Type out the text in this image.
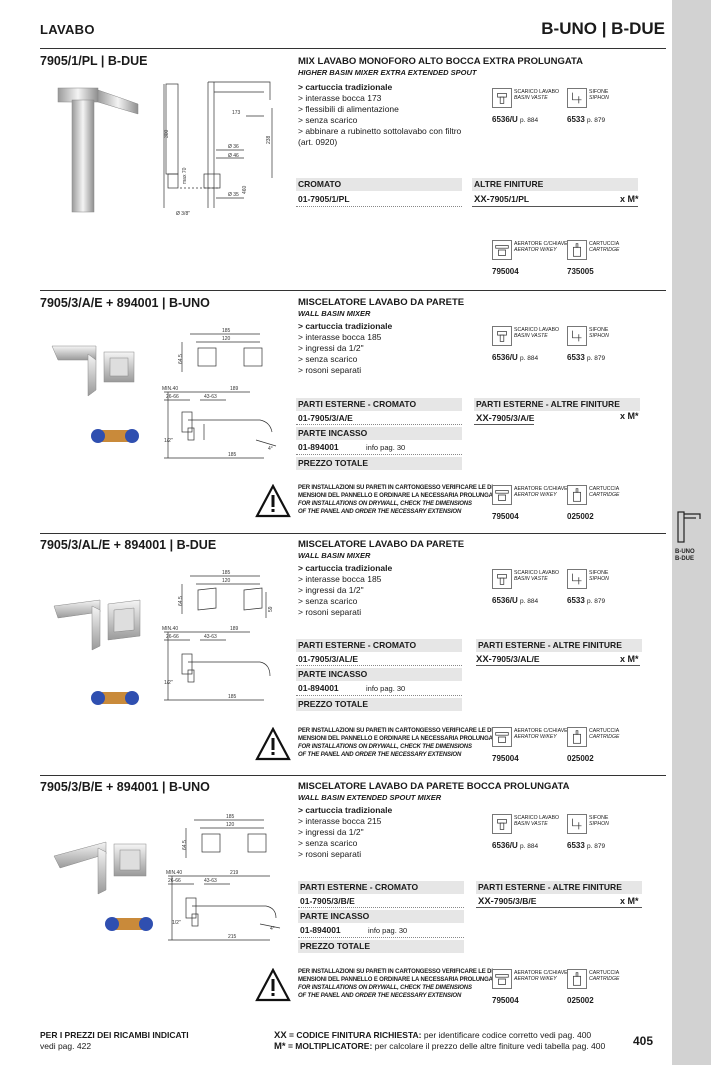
B-UNO
B-DUE
LAVABO	B-UNO | B-DUE
7905/1/PL | B-DUE
173
300
238
Ø 36
Ø 46
460
Ø 35
max 70
Ø 3/8"
MIX LAVABO MONOFORO ALTO BOCCA EXTRA PROLUNGATA
HIGHER BASIN MIXER EXTRA EXTENDED SPOUT
> cartuccia tradizionale
> interasse bocca 173
> flessibili di alimentazione
> senza scarico
> abbinare a rubinetto sottolavabo con filtro
(art. 0920)
SCARICO LAVABO
BASIN VASTE
6536/U p. 884
SIFONE
SIPHON
6533 p. 879
CROMATO	ALTRE FINITURE
01-7905/1/PL	XX-7905/1/PL	x M*
AERATORE C/CHIAVE
AERATOR W/KEY
795004
CARTUCCIA
CARTRIDGE
735005
7905/3/A/E + 894001 | B-UNO
185
120
64.5
MIN.40
26-66	43-63
189
1/2"
185
4°
MISCELATORE LAVABO DA PARETE
WALL BASIN MIXER
> cartuccia tradizionale
> interasse bocca 185
> ingressi da 1/2"
> senza scarico
> rosoni separati
SCARICO LAVABO
BASIN VASTE
6536/U p. 884
SIFONE
SIPHON
6533 p. 879
PARTI ESTERNE - CROMATO	PARTI ESTERNE - ALTRE FINITURE
01-7905/3/A/E	XX-7905/3/A/E	x M*
PARTE INCASSO
01-894001	info pag. 30
PREZZO TOTALE
PER INSTALLAZIONI SU PARETI IN CARTONGESSO VERIFICARE LE DI-
MENSIONI DEL PANNELLO E ORDINARE LA NECESSARIA PROLUNGA
FOR INSTALLATIONS ON DRYWALL, CHECK THE DIMENSIONS
OF THE PANEL AND ORDER THE NECESSARY EXTENSION
AERATORE C/CHIAVE
AERATOR W/KEY
795004
CARTUCCIA
CARTRIDGE
025002
7905/3/AL/E + 894001 | B-DUE
185
120
64.5
59
MIN.40
26-66	43-63
189
1/2"
185
MISCELATORE LAVABO DA PARETE
WALL BASIN MIXER
> cartuccia tradizionale
> interasse bocca 185
> ingressi da 1/2"
> senza scarico
> rosoni separati
SCARICO LAVABO
BASIN VASTE
6536/U p. 884
SIFONE
SIPHON
6533 p. 879
PARTI ESTERNE - CROMATO	PARTI ESTERNE - ALTRE FINITURE
01-7905/3/AL/E	XX-7905/3/AL/E	x M*
PARTE INCASSO
01-894001	info pag. 30
PREZZO TOTALE
PER INSTALLAZIONI SU PARETI IN CARTONGESSO VERIFICARE LE DI-
MENSIONI DEL PANNELLO E ORDINARE LA NECESSARIA PROLUNGA
FOR INSTALLATIONS ON DRYWALL, CHECK THE DIMENSIONS
OF THE PANEL AND ORDER THE NECESSARY EXTENSION
AERATORE C/CHIAVE
AERATOR W/KEY
795004
CARTUCCIA
CARTRIDGE
025002
7905/3/B/E + 894001 | B-UNO
185
120
64.5
MIN.40
26-66	43-63
219
1/2"
215
4°
MISCELATORE LAVABO DA PARETE BOCCA PROLUNGATA
WALL BASIN EXTENDED SPOUT MIXER
> cartuccia tradizionale
> interasse bocca 215
> ingressi da 1/2"
> senza scarico
> rosoni separati
SCARICO LAVABO
BASIN VASTE
6536/U p. 884
SIFONE
SIPHON
6533 p. 879
PARTI ESTERNE - CROMATO	PARTI ESTERNE - ALTRE FINITURE
01-7905/3/B/E	XX-7905/3/B/E	x M*
PARTE INCASSO
01-894001	info pag. 30
PREZZO TOTALE
PER INSTALLAZIONI SU PARETI IN CARTONGESSO VERIFICARE LE DI-
MENSIONI DEL PANNELLO E ORDINARE LA NECESSARIA PROLUNGA
FOR INSTALLATIONS ON DRYWALL, CHECK THE DIMENSIONS
OF THE PANEL AND ORDER THE NECESSARY EXTENSION
AERATORE C/CHIAVE
AERATOR W/KEY
795004
CARTUCCIA
CARTRIDGE
025002
PER I PREZZI DEI RICAMBI INDICATI
vedi pag. 422
XX = CODICE FINITURA RICHIESTA: per identificare codice corretto vedi pag. 400
M* = MOLTIPLICATORE: per calcolare il prezzo delle altre finiture vedi tabella pag. 400 405
